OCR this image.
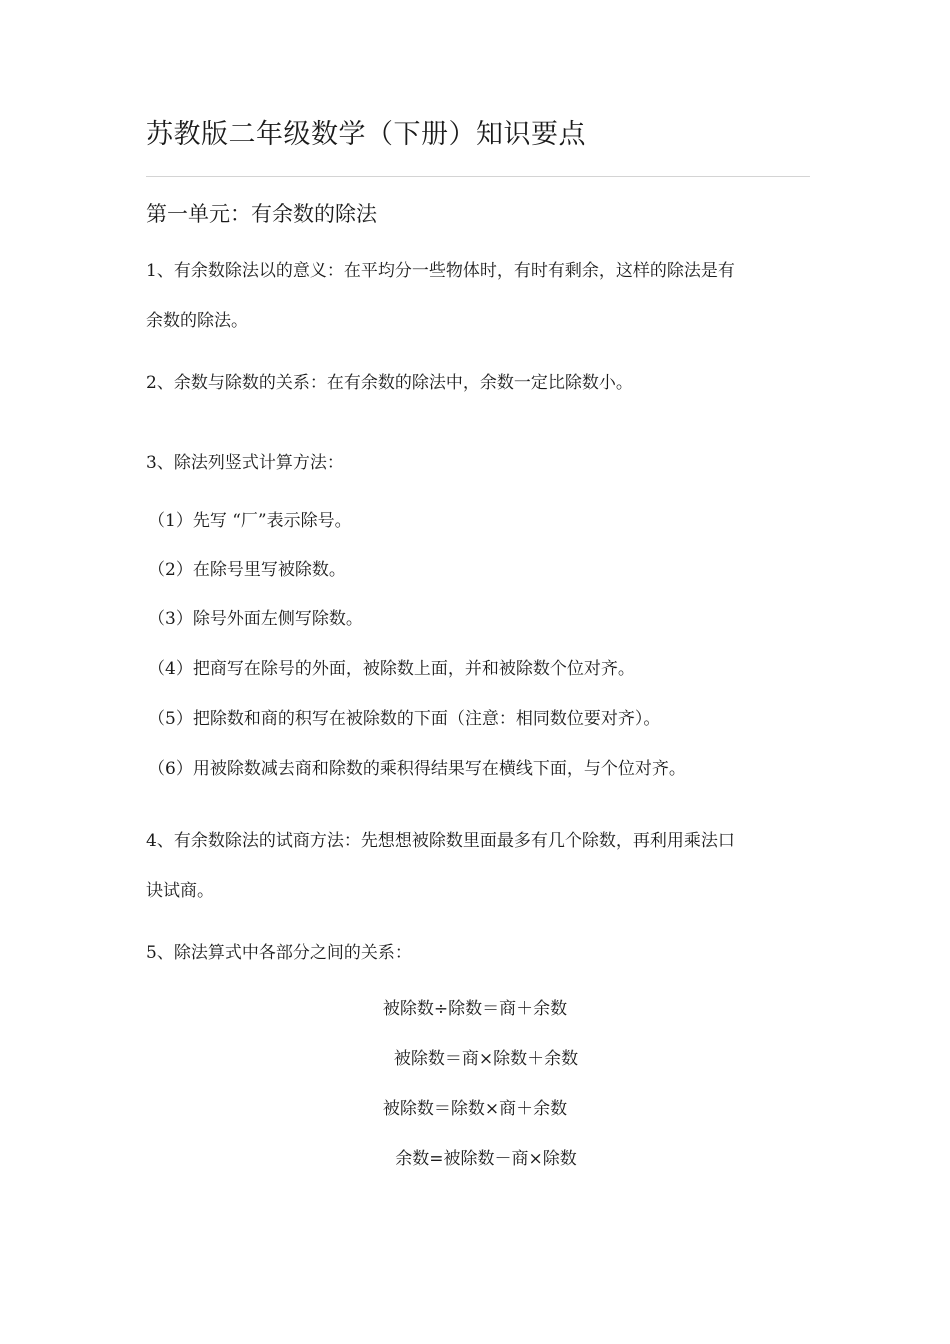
苏教版二年级数学（下册）知识要点
第一单元：有余数的除法
1、有余数除法以的意义：在平均分一些物体时，有时有剩余，这样的除法是有
余数的除法。
2、余数与除数的关系：在有余数的除法中，余数一定比除数小。
3、除法列竖式计算方法：
（1）先写 “厂”表示除号。
（2）在除号里写被除数。
（3）除号外面左侧写除数。
（4）把商写在除号的外面，被除数上面，并和被除数个位对齐。
（5）把除数和商的积写在被除数的下面（注意：相同数位要对齐）。
（6）用被除数减去商和除数的乘积得结果写在横线下面，与个位对齐。
4、有余数除法的试商方法：先想想被除数里面最多有几个除数，再利用乘法口
诀试商。
5、除法算式中各部分之间的关系：
被除数÷除数＝商＋余数
被除数＝商×除数＋余数
被除数＝除数×商＋余数
余数=被除数－商×除数
